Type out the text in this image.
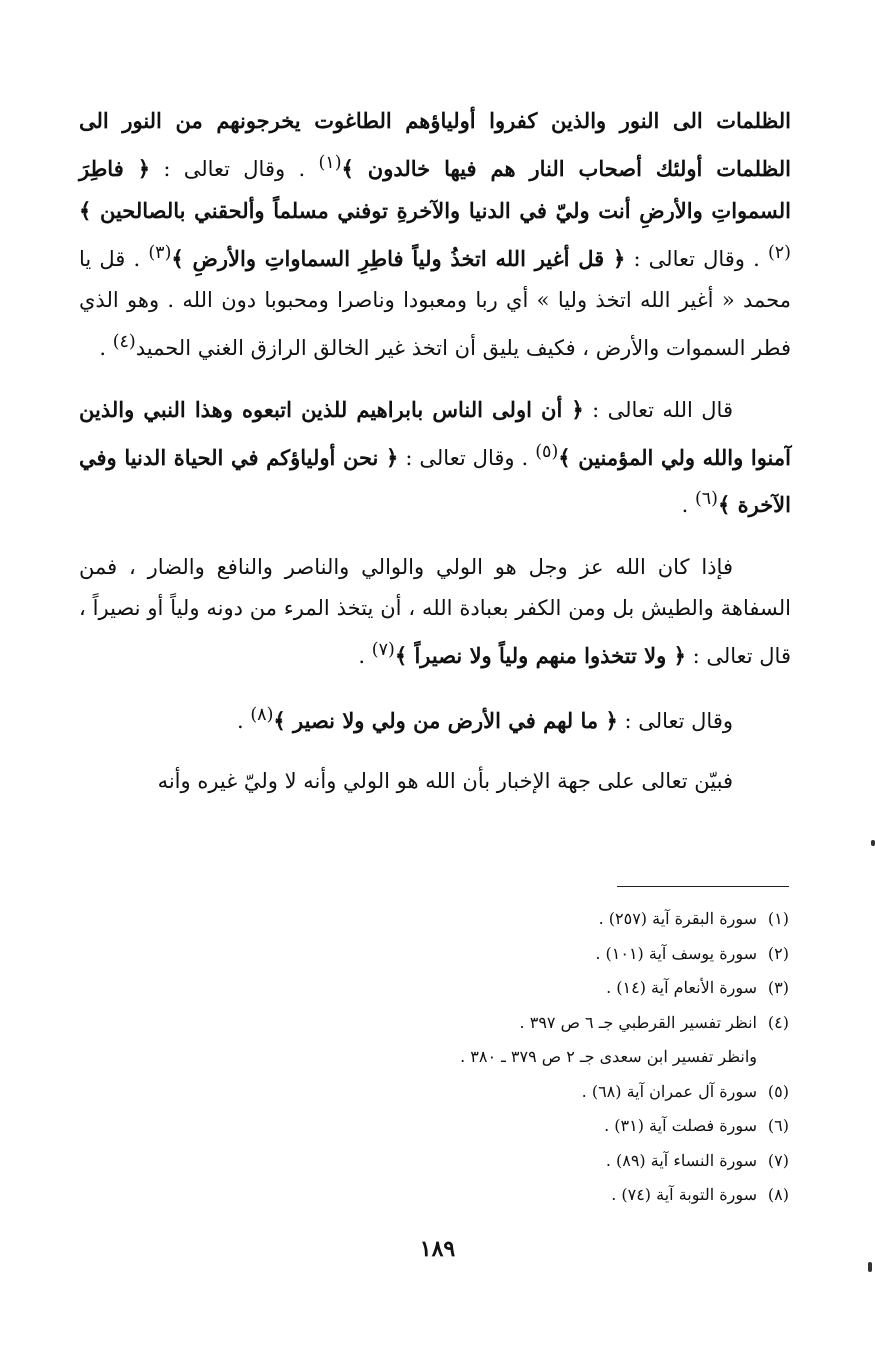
الظلمات الى النور والذين كفروا أولياؤهم الطاغوت يخرجونهم من النور الى الظلمات أولئك أصحاب النار هم فيها خالدون ﴾$^{(١)}$ . وقال تعالى : ﴿ فاطِرَ السمواتِ والأرضِ أنت وليّ في الدنيا والآخرةِ توفني مسلماً وألحقني بالصالحين ﴾$^{(٢)}$ . وقال تعالى : ﴿ قل أغير الله اتخذُ ولياً فاطِرِ السماواتِ والأرضِ ﴾$^{(٣)}$ . قل يا محمد « أغير الله اتخذ وليا » أي ربا ومعبودا وناصرا ومحبوبا دون الله . وهو الذي فطر السموات والأرض ، فكيف يليق أن اتخذ غير الخالق الرازق الغني الحميد$^{(٤)}$ .

قال الله تعالى : ﴿ أن اولى الناس بابراهيم للذين اتبعوه وهذا النبي والذين آمنوا والله ولي المؤمنين ﴾$^{(٥)}$ . وقال تعالى : ﴿ نحن أولياؤكم في الحياة الدنيا وفي الآخرة ﴾$^{(٦)}$ .

فإذا كان الله عز وجل هو الولي والوالي والناصر والنافع والضار ، فمن السفاهة والطيش بل ومن الكفر بعبادة الله ، أن يتخذ المرء من دونه ولياً أو نصيراً ، قال تعالى : ﴿ ولا تتخذوا منهم ولياً ولا نصيراً ﴾$^{(٧)}$ .

وقال تعالى : ﴿ ما لهم في الأرض من ولي ولا نصير ﴾$^{(٨)}$ .

فبيّن تعالى على جهة الإخبار بأن الله هو الولي وأنه لا وليّ غيره وأنه

(١)سورة البقرة آية (٢٥٧) .
(٢)سورة يوسف آية (١٠١) .
(٣)سورة الأنعام آية (١٤) .
(٤)انظر تفسير القرطبي جـ ٦ ص ٣٩٧ .
وانظر تفسير ابن سعدى جـ ٢ ص ٣٧٩ ـ ٣٨٠ .
(٥)سورة آل عمران آية (٦٨) .
(٦)سورة فصلت آية (٣١) .
(٧)سورة النساء آية (٨٩) .
(٨)سورة التوبة آية (٧٤) .
١٨٩
